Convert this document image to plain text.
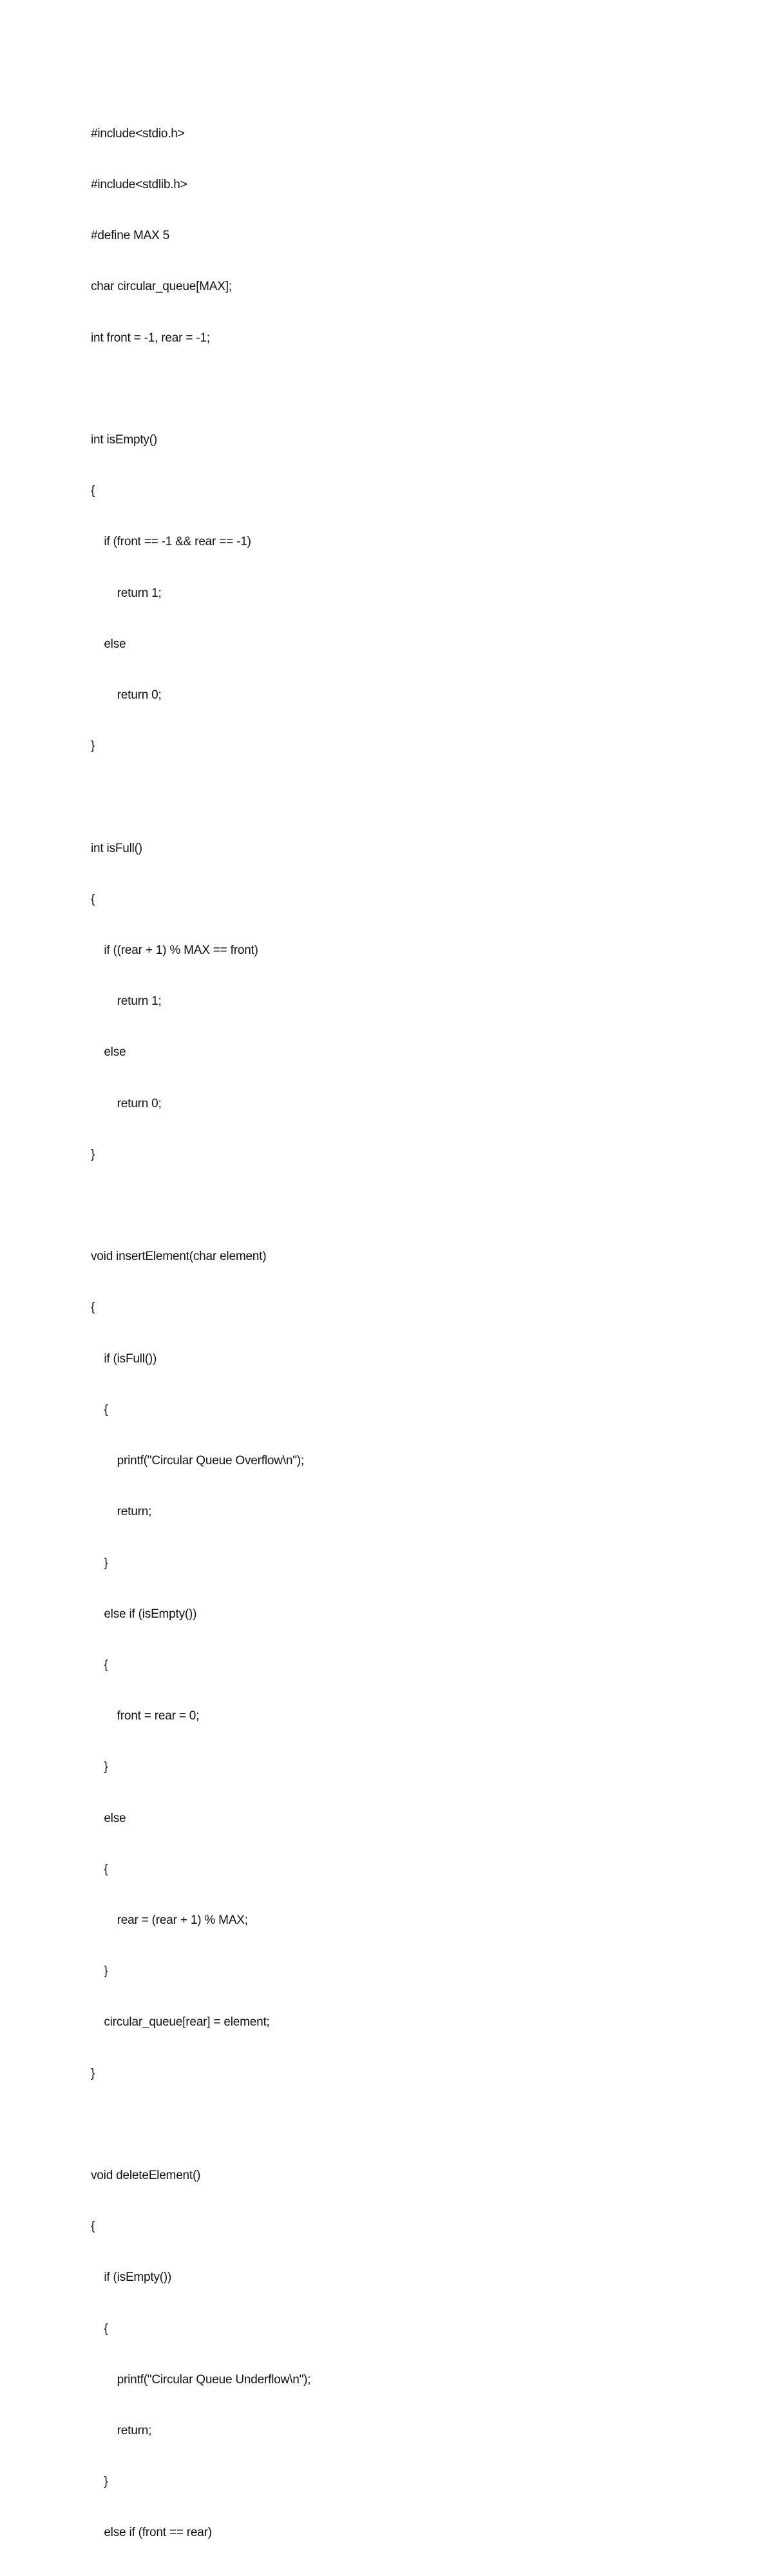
#include<stdio.h>

#include<stdlib.h>

#define MAX 5

char circular_queue[MAX];

int front = -1, rear = -1;

int isEmpty()

{

if (front == -1 && rear == -1)

return 1;

else

return 0;

}

int isFull()

{

if ((rear + 1) % MAX == front)

return 1;

else

return 0;

}

void insertElement(char element)

{

if (isFull())

{

printf("Circular Queue Overflow\n");

return;

}

else if (isEmpty())

{

front = rear = 0;

}

else

{

rear = (rear + 1) % MAX;

}

circular_queue[rear] = element;

}

void deleteElement()

{

if (isEmpty())

{

printf("Circular Queue Underflow\n");

return;

}

else if (front == rear)
